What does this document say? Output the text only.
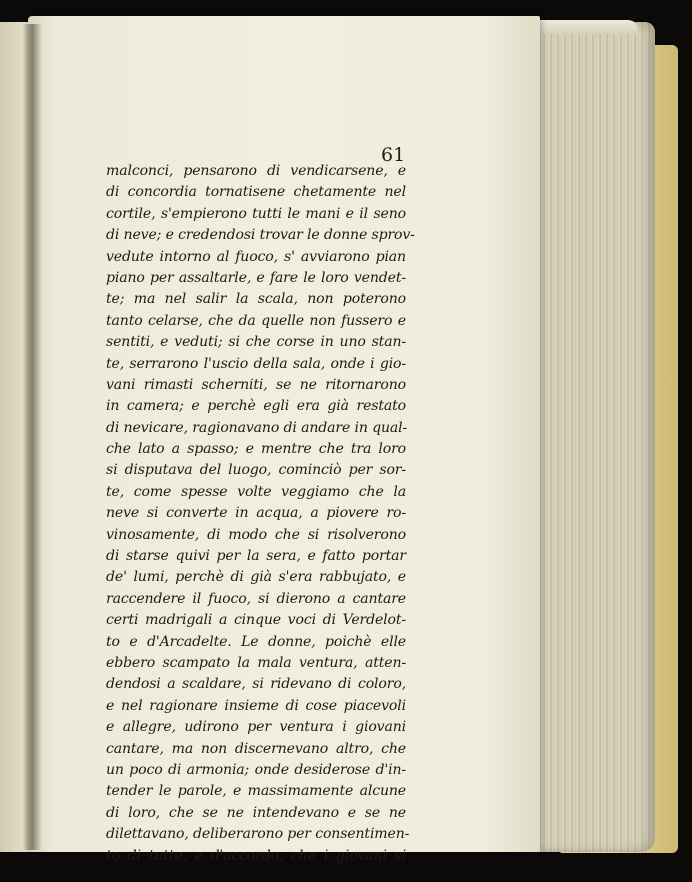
61
malconci, pensarono di vendicarsene, e
di concordia tornatisene chetamente nel
cortile, s'empierono tutti le mani e il seno
di neve; e credendosi trovar le donne sprov-
vedute intorno al fuoco, s' avviarono pian
piano per assaltarle, e fare le loro vendet-
te; ma nel salir la scala, non poterono
tanto celarse, che da quelle non fussero e
sentiti, e veduti; si che corse in uno stan-
te, serrarono l'uscio della sala, onde i gio-
vani rimasti scherniti, se ne ritornarono
in camera; e perchè egli era già restato
di nevicare, ragionavano di andare in qual-
che lato a spasso; e mentre che tra loro
si disputava del luogo, cominciò per sor-
te, come spesse volte veggiamo che la
neve si converte in acqua, a piovere ro-
vinosamente, di modo che si risolverono
di starse quivi per la sera, e fatto portar
de' lumi, perchè di già s'era rabbujato, e
raccendere il fuoco, si dierono a cantare
certi madrigali a cinque voci di Verdelot-
to e d'Arcadelte. Le donne, poichè elle
ebbero scampato la mala ventura, atten-
dendosi a scaldare, si ridevano di coloro,
e nel ragionare insieme di cose piacevoli
e allegre, udirono per ventura i giovani
cantare, ma non discernevano altro, che
un poco di armonia; onde desiderose d'in-
tender le parole, e massimamente alcune
di loro, che se ne intendevano e se ne
dilettavano, deliberarono per consentimen-
to di tutte, e d'accordo, che i giovani si
